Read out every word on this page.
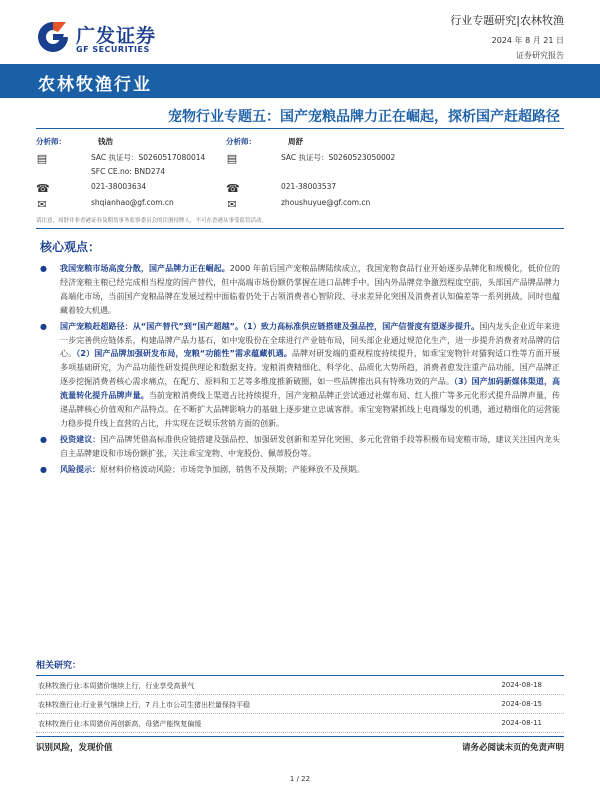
广发证券
GF SECURITIES
行业专题研究|农林牧渔
2024 年 8 月 21 日
证券研究报告
农林牧渔行业
宠物行业专题五：国产宠粮品牌力正在崛起，探析国产赶超路径
分析师：	钱浩
▤	SAC 执证号：S0260517080014
SFC CE.no: BND274
☎	021-38003634
✉	shqianhao@gf.com.cn
分析师：	周舒
▤	SAC 执证号：S0260523050002
☎	021-38003537
✉	zhoushuyue@gf.com.cn
请注意，周舒并非香港证券及期货事务监察委员会的注册持牌人，不可在香港从事受监管活动。
核心观点：
● 我国宠粮市场高度分散，国产品牌力正在崛起。2000 年前后国产宠粮品牌陆续成立，我国宠物食品行业开始逐步品牌化和规模化，低价位的经济宠粮主粮已经完成相当程度的国产替代，但中高端市场份额仍掌握在进口品牌手中。国内外品牌竞争激烈程度空前，头部国产品牌品牌力高端化市场，当前国产宠粮品牌在发展过程中面临着仍处于占领消费者心智阶段、寻求差异化突围及消费者认知偏差等一系列挑战，同时也蕴藏着较大机遇。
● 国产宠粮赶超路径：从“国产替代”到“国产超越”。（1）致力高标准供应链搭建及强品控，国产信誉度有望逐步提升。国内龙头企业近年来进一步完善供应链体系，构建品牌产品力基石，如中宠股份在全球进行产业链布局，同头部企业通过规范化生产，进一步提升消费者对品牌的信心。（2）国产品牌加强研发布局，宠粮“功能性”需求蕴藏机遇。品牌对研发端的重视程度持续提升，如乖宝宠物针对猫狗适口性等方面开展多项基础研究，为产品功能性研发提供理论和数据支持。宠粮消费精细化、科学化、品质化大势所趋，消费者愈发注重产品功能，国产品牌正逐步挖掘消费者核心需求痛点，在配方、原料和工艺等多维度推新破圈，如一些品牌推出具有特殊功效的产品。（3）国产加码新媒体渠道，高流量转化提升品牌声量。当前宠粮消费线上渠道占比持续提升，国产宠粮品牌正尝试通过社媒布局、红人推广等多元化形式提升品牌声量，传递品牌核心价值观和产品特点。在不断扩大品牌影响力的基础上逐步建立忠诚客群。乖宝宠物紧抓线上电商爆发的机遇，通过精细化的运营能力稳步提升线上直营的占比，并实现在泛娱乐营销方面的创新。
● 投资建议：国产品牌凭借高标准供应链搭建及强品控、加强研发创新和差异化突围、多元化营销手段等积极布局宠粮市场，建议关注国内龙头自主品牌建设和市场份额扩张，关注乖宝宠物、中宠股份、佩蒂股份等。
● 风险提示：原材料价格波动风险；市场竞争加剧，销售不及预期；产能释放不及预期。
相关研究：
农林牧渔行业:本周猪价继续上行，行业享受高景气	2024-08-18
农林牧渔行业:行业景气继续上行，7 月上市公司生猪出栏量保持平稳	2024-08-15
农林牧渔行业:本周猪价再创新高，母猪产能恢复偏缓	2024-08-11
识别风险，发现价值	请务必阅读末页的免责声明
1 / 22
